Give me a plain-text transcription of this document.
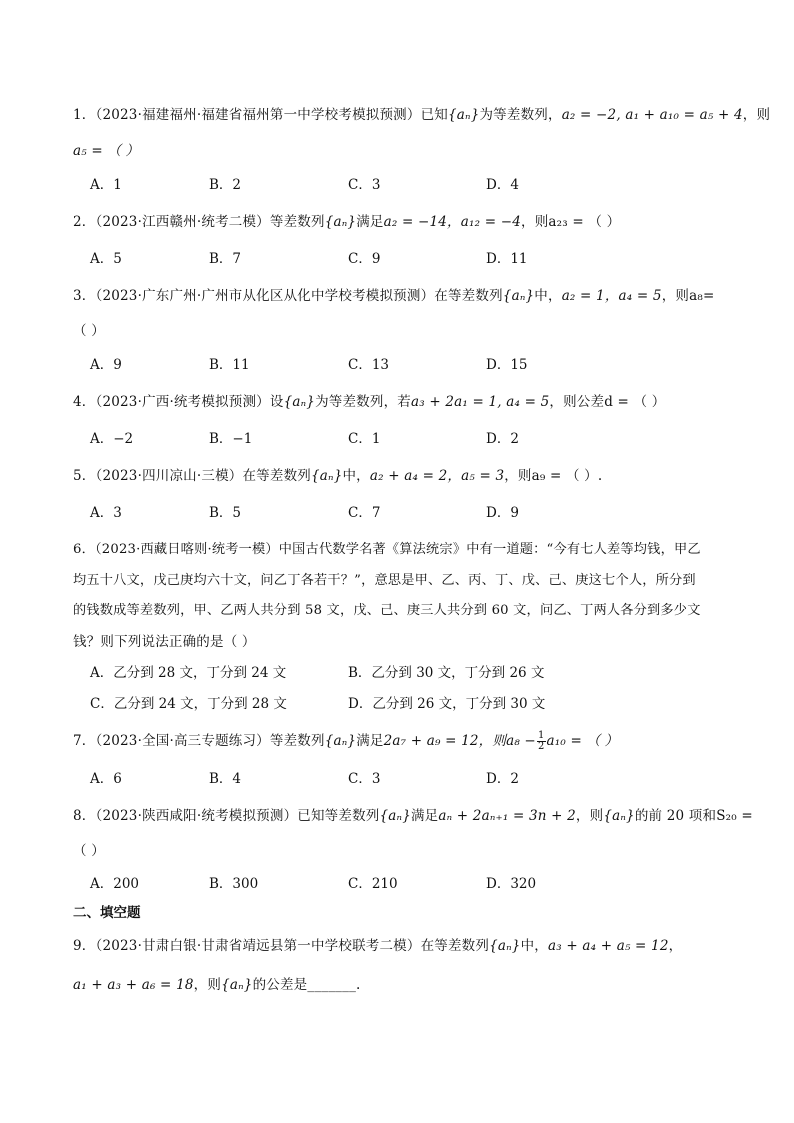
1．（2023·福建福州·福建省福州第一中学校考模拟预测）已知{aₙ}为等差数列，a₂ = −2, a₁ + a₁₀ = a₅ + 4，则
a₅ = （ ）
A．1	B．2	C．3	D．4
2．（2023·江西赣州·统考二模）等差数列{aₙ}满足a₂ = −14，a₁₂ = −4，则a₂₃ = （ ）
A．5	B．7	C．9	D．11
3．（2023·广东广州·广州市从化区从化中学校考模拟预测）在等差数列{aₙ}中，a₂ = 1，a₄ = 5，则a₈=
（ ）
A．9	B．11	C．13	D．15
4．（2023·广西·统考模拟预测）设{aₙ}为等差数列，若a₃ + 2a₁ = 1, a₄ = 5，则公差d = （ ）
A．−2	B．−1	C．1	D．2
5．（2023·四川凉山·三模）在等差数列{aₙ}中，a₂ + a₄ = 2，a₅ = 3，则a₉ = （ ）.
A．3	B．5	C．7	D．9
6．（2023·西藏日喀则·统考一模）中国古代数学名著《算法统宗》中有一道题：“今有七人差等均钱，甲乙
均五十八文，戊己庚均六十文，问乙丁各若干？”，意思是甲、乙、丙、丁、戊、己、庚这七个人，所分到
的钱数成等差数列，甲、乙两人共分到 58 文，戊、己、庚三人共分到 60 文，问乙、丁两人各分到多少文
钱？则下列说法正确的是（ ）
A．乙分到 28 文，丁分到 24 文	B．乙分到 30 文，丁分到 26 文
C．乙分到 24 文，丁分到 28 文	D．乙分到 26 文，丁分到 30 文
7．（2023·全国·高三专题练习）等差数列{aₙ}满足2a₇ + a₉ = 12，则$a_8 - \frac{1}{2} a_{10}$ = （ ）
A．6	B．4	C．3	D．2
8．（2023·陕西咸阳·统考模拟预测）已知等差数列{aₙ}满足aₙ + 2aₙ₊₁ = 3n + 2，则{aₙ}的前 20 项和S₂₀ =
（ ）
A．200	B．300	C．210	D．320
二、填空题
9．（2023·甘肃白银·甘肃省靖远县第一中学校联考二模）在等差数列{aₙ}中，a₃ + a₄ + a₅ = 12，
a₁ + a₃ + a₆ = 18，则{aₙ}的公差是_______.
